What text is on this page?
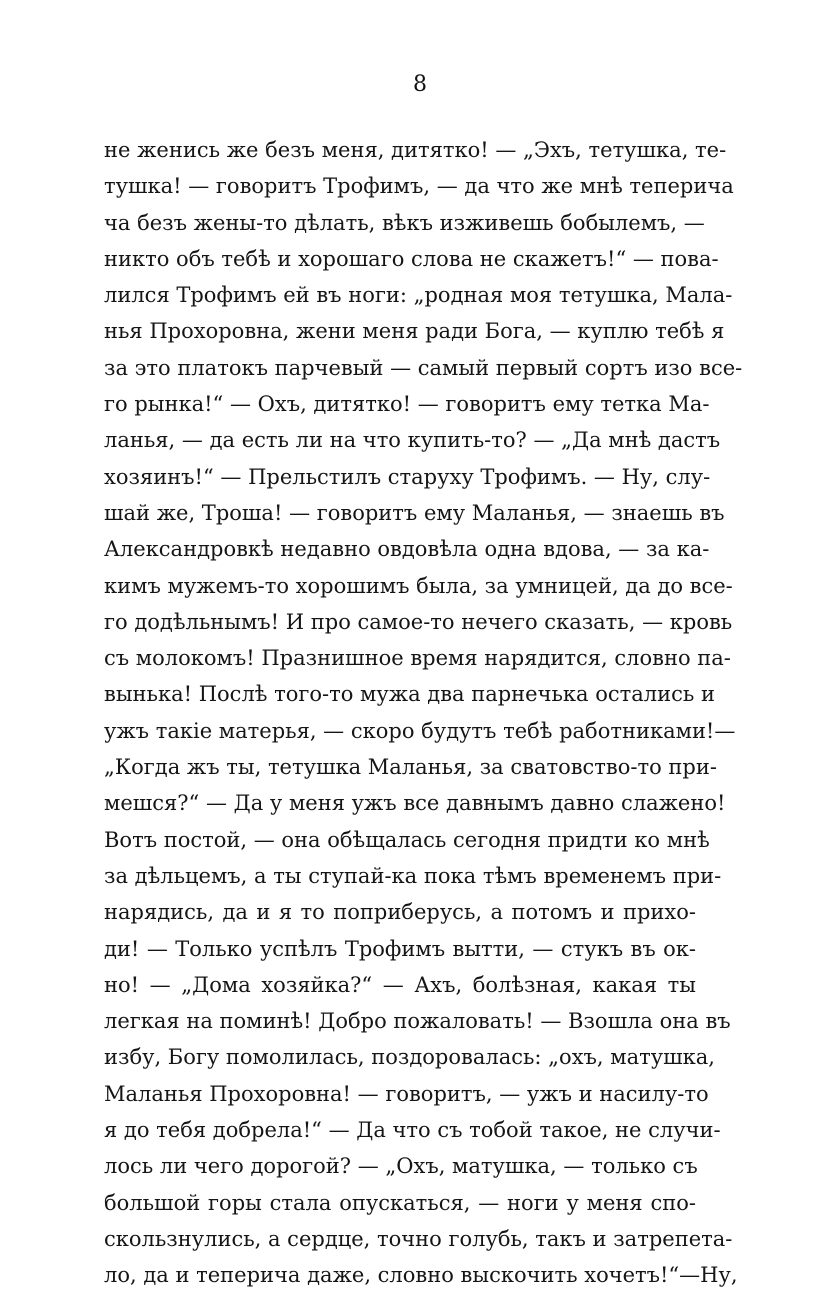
8
не женись же безъ меня, дитятко! — „Эхъ, тетушка, те-
тушка! — говоритъ Трофимъ, — да что же мнѣ теперича
ча безъ жены-то дѣлать, вѣкъ изживешь бобылемъ, —
никто объ тебѣ и хорошаго слова не скажетъ!“ — пова-
лился Трофимъ ей въ ноги: „родная моя тетушка, Мала-
нья Прохоровна, жени меня ради Бога, — куплю тебѣ я
за это платокъ парчевый — самый первый сортъ изо все-
го рынка!“ — Охъ, дитятко! — говоритъ ему тетка Ма-
ланья, — да есть ли на что купить-то? — „Да мнѣ дастъ
хозяинъ!“ — Прельстилъ старуху Трофимъ. — Ну, слу-
шай же, Троша! — говоритъ ему Маланья, — знаешь въ
Александровкѣ недавно овдовѣла одна вдова, — за ка-
кимъ мужемъ-то хорошимъ была, за умницей, да до все-
го додѣльнымъ! И про самое-то нечего сказать, — кровь
съ молокомъ! Празнишное время нарядится, словно па-
вынька! Послѣ того-то мужа два парнечька остались и
ужъ такіе матерья, — скоро будутъ тебѣ работниками!—
„Когда жъ ты, тетушка Маланья, за сватовство-то при-
мешся?“ — Да у меня ужъ все давнымъ давно слажено!
Вотъ постой, — она обѣщалась сегодня придти ко мнѣ
за дѣльцемъ, а ты ступай-ка пока тѣмъ временемъ при-
нарядись, да и я то поприберусь, а потомъ и прихо-
ди! — Только успѣлъ Трофимъ вытти, — стукъ въ ок-
но! — „Дома хозяйка?“ — Ахъ, болѣзная, какая ты
легкая на поминѣ! Добро пожаловать! — Взошла она въ
избу, Богу помолилась, поздоровалась: „охъ, матушка,
Маланья Прохоровна! — говоритъ, — ужъ и насилу-то
я до тебя добрела!“ — Да что съ тобой такое, не случи-
лось ли чего дорогой? — „Охъ, матушка, — только съ
большой горы стала опускаться, — ноги у меня спо-
скользнулись, а сердце, точно голубь, такъ и затрепета-
ло, да и теперича даже, словно выскочить хочетъ!“—Ну,
